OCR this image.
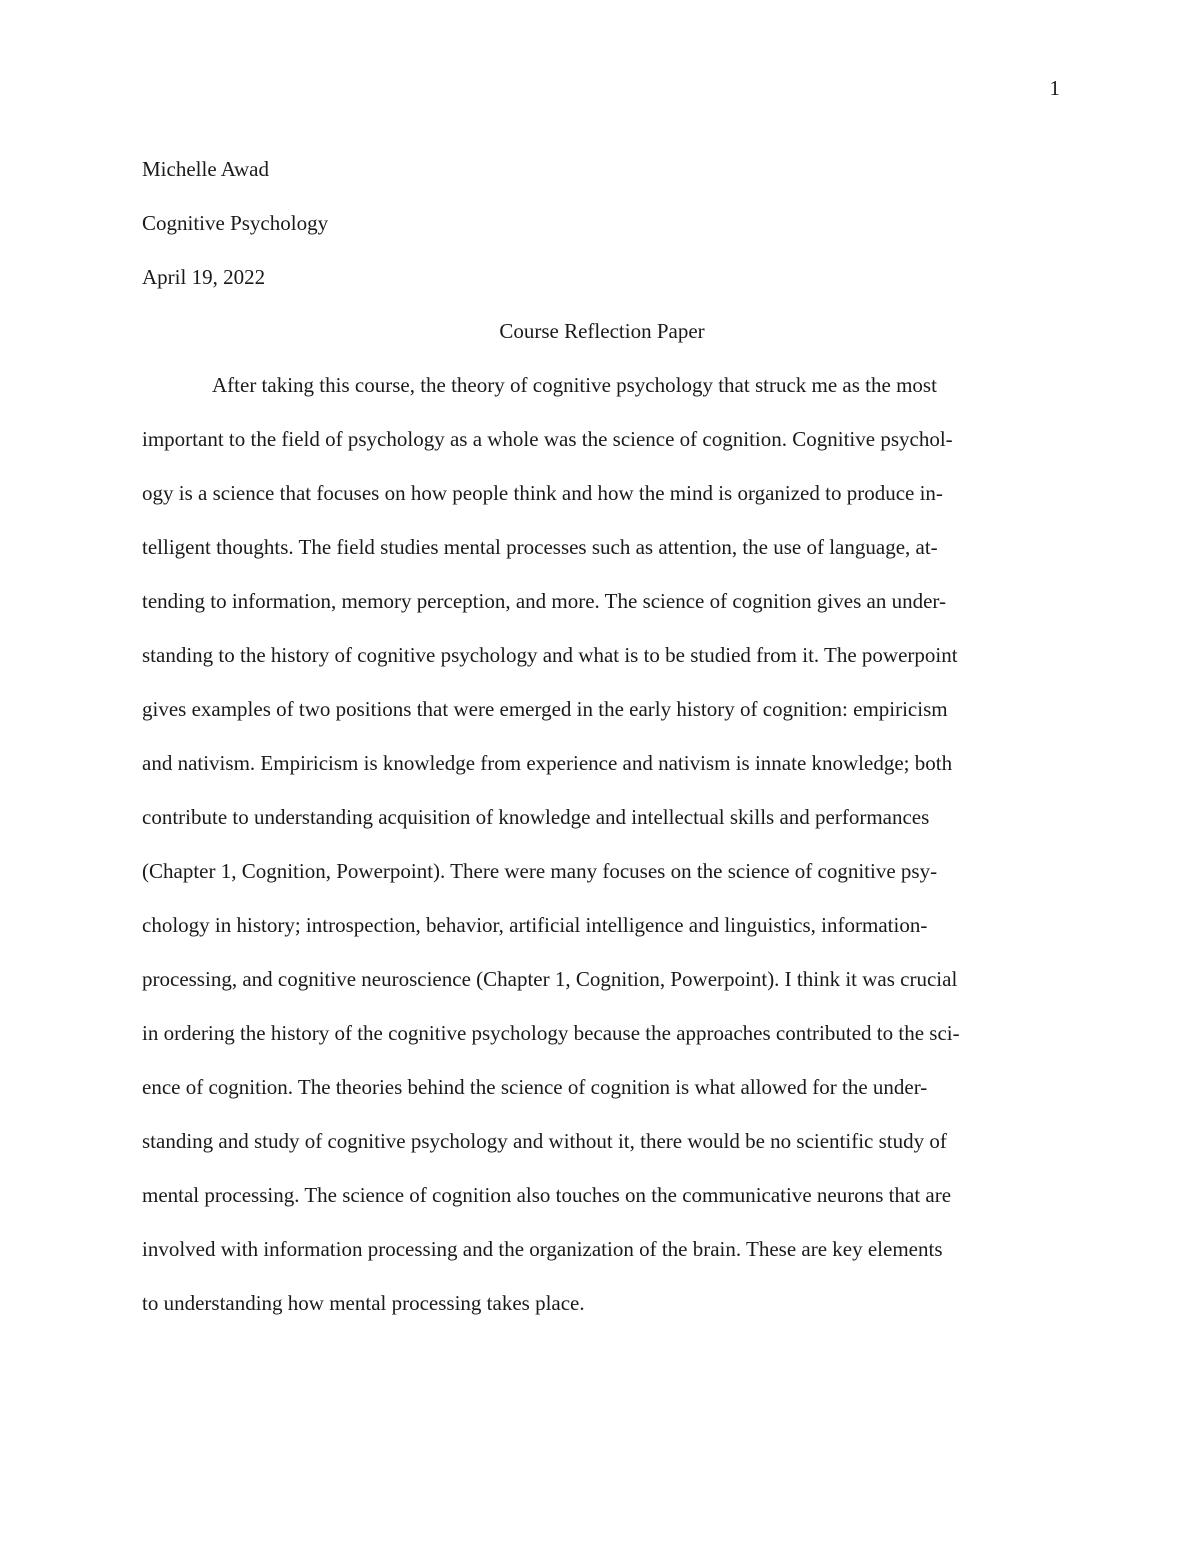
1
Michelle Awad
Cognitive Psychology
April 19, 2022
Course Reflection Paper
After taking this course, the theory of cognitive psychology that struck me as the most
important to the field of psychology as a whole was the science of cognition. Cognitive psychol-
ogy is a science that focuses on how people think and how the mind is organized to produce in-
telligent thoughts. The field studies mental processes such as attention, the use of language, at-
tending to information, memory perception, and more. The science of cognition gives an under-
standing to the history of cognitive psychology and what is to be studied from it. The powerpoint
gives examples of two positions that were emerged in the early history of cognition: empiricism
and nativism. Empiricism is knowledge from experience and nativism is innate knowledge; both
contribute to understanding acquisition of knowledge and intellectual skills and performances
(Chapter 1, Cognition, Powerpoint). There were many focuses on the science of cognitive psy-
chology in history; introspection, behavior, artificial intelligence and linguistics, information-
processing, and cognitive neuroscience (Chapter 1, Cognition, Powerpoint). I think it was crucial
in ordering the history of the cognitive psychology because the approaches contributed to the sci-
ence of cognition. The theories behind the science of cognition is what allowed for the under-
standing and study of cognitive psychology and without it, there would be no scientific study of
mental processing. The science of cognition also touches on the communicative neurons that are
involved with information processing and the organization of the brain. These are key elements
to understanding how mental processing takes place.
